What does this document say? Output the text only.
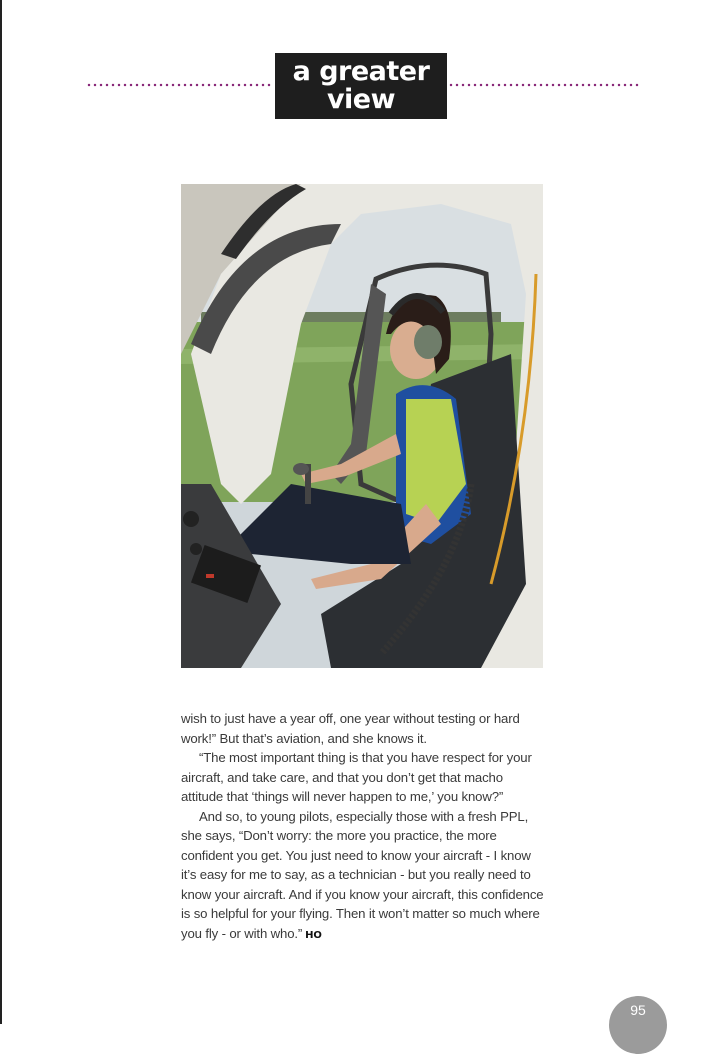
a greater
view

wish to just have a year off, one year without testing or hard work!” But that’s aviation, and she knows it.

“The most important thing is that you have respect for your aircraft, and take care, and that you don’t get that macho attitude that ‘things will never happen to me,’ you know?”

And so, to young pilots, especially those with a fresh PPL, she says, “Don’t worry: the more you practice, the more confident you get. You just need to know your aircraft - I know it’s easy for me to say, as a technician - but you really need to know your aircraft. And if you know your aircraft, this confidence is so helpful for your flying. Then it won’t matter so much where you fly - or with who.” HO

95
